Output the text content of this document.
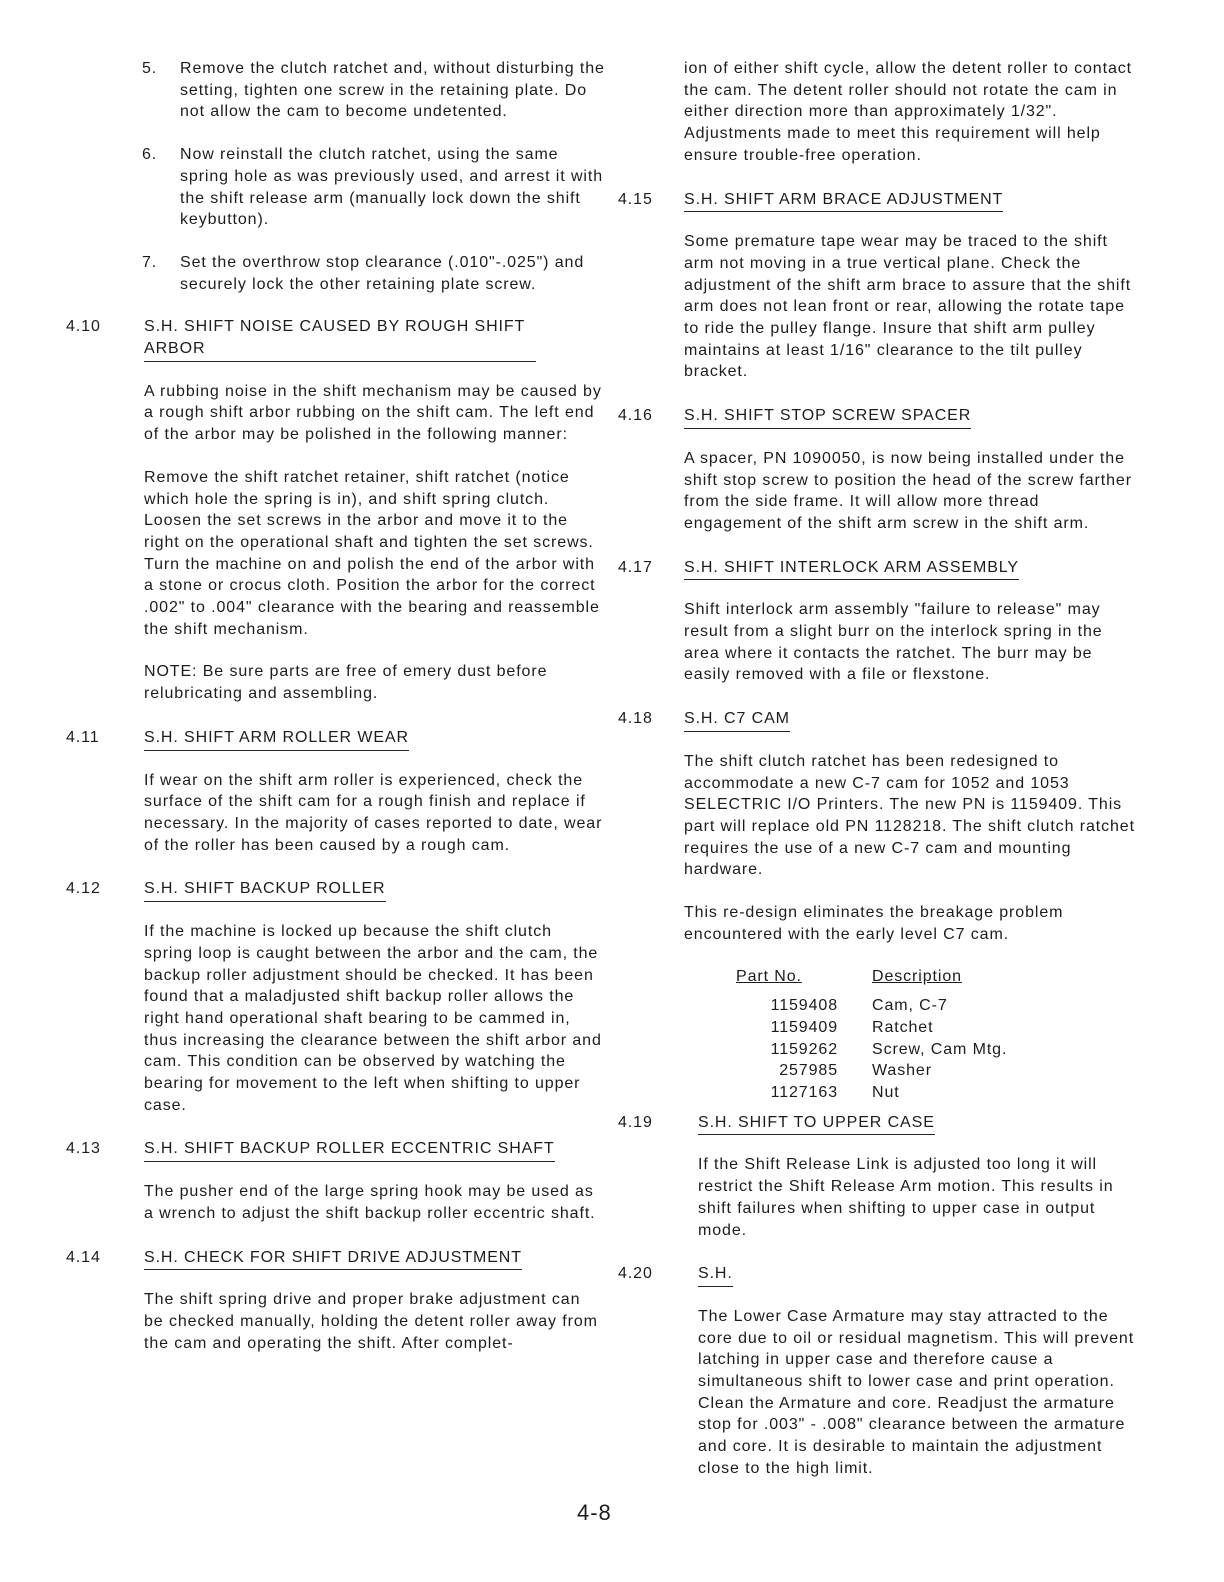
5. Remove the clutch ratchet and, without disturbing the setting, tighten one screw in the retaining plate. Do not allow the cam to become undetented.

6. Now reinstall the clutch ratchet, using the same spring hole as was previously used, and arrest it with the shift release arm (manually lock down the shift keybutton).

7. Set the overthrow stop clearance (.010"-.025") and securely lock the other retaining plate screw.

4.10	S.H. SHIFT NOISE CAUSED BY ROUGH SHIFT ARBOR

A rubbing noise in the shift mechanism may be caused by a rough shift arbor rubbing on the shift cam. The left end of the arbor may be polished in the following manner:

Remove the shift ratchet retainer, shift ratchet (notice which hole the spring is in), and shift spring clutch. Loosen the set screws in the arbor and move it to the right on the operational shaft and tighten the set screws. Turn the machine on and polish the end of the arbor with a stone or crocus cloth. Position the arbor for the correct .002" to .004" clearance with the bearing and reassemble the shift mechanism.

NOTE: Be sure parts are free of emery dust before relubricating and assembling.

4.11	S.H. SHIFT ARM ROLLER WEAR

If wear on the shift arm roller is experienced, check the surface of the shift cam for a rough finish and replace if necessary. In the majority of cases reported to date, wear of the roller has been caused by a rough cam.

4.12	S.H. SHIFT BACKUP ROLLER

If the machine is locked up because the shift clutch spring loop is caught between the arbor and the cam, the backup roller adjustment should be checked. It has been found that a maladjusted shift backup roller allows the right hand operational shaft bearing to be cammed in, thus increasing the clearance between the shift arbor and cam. This condition can be observed by watching the bearing for movement to the left when shifting to upper case.

4.13	S.H. SHIFT BACKUP ROLLER ECCENTRIC SHAFT

The pusher end of the large spring hook may be used as a wrench to adjust the shift backup roller eccentric shaft.

4.14	S.H. CHECK FOR SHIFT DRIVE ADJUSTMENT

The shift spring drive and proper brake adjustment can be checked manually, holding the detent roller away from the cam and operating the shift. After complet-

ion of either shift cycle, allow the detent roller to contact the cam. The detent roller should not rotate the cam in either direction more than approximately 1/32". Adjustments made to meet this requirement will help ensure trouble-free operation.

4.15 S.H. SHIFT ARM BRACE ADJUSTMENT

Some premature tape wear may be traced to the shift arm not moving in a true vertical plane. Check the adjustment of the shift arm brace to assure that the shift arm does not lean front or rear, allowing the rotate tape to ride the pulley flange. Insure that shift arm pulley maintains at least 1/16" clearance to the tilt pulley bracket.

4.16 S.H. SHIFT STOP SCREW SPACER

A spacer, PN 1090050, is now being installed under the shift stop screw to position the head of the screw farther from the side frame. It will allow more thread engagement of the shift arm screw in the shift arm.

4.17 S.H. SHIFT INTERLOCK ARM ASSEMBLY

Shift interlock arm assembly "failure to release" may result from a slight burr on the interlock spring in the area where it contacts the ratchet. The burr may be easily removed with a file or flexstone.

4.18 S.H. C7 CAM

The shift clutch ratchet has been redesigned to accommodate a new C-7 cam for 1052 and 1053 SELECTRIC I/O Printers. The new PN is 1159409. This part will replace old PN 1128218. The shift clutch ratchet requires the use of a new C-7 cam and mounting hardware.

This re-design eliminates the breakage problem encountered with the early level C7 cam.

Part No.	Description
1159408	Cam, C-7
1159409	Ratchet
1159262	Screw, Cam Mtg.
257985	Washer
1127163	Nut
4.19	S.H. SHIFT TO UPPER CASE

If the Shift Release Link is adjusted too long it will restrict the Shift Release Arm motion. This results in shift failures when shifting to upper case in output mode.

4.20	S.H.

The Lower Case Armature may stay attracted to the core due to oil or residual magnetism. This will prevent latching in upper case and therefore cause a simultaneous shift to lower case and print operation. Clean the Armature and core. Readjust the armature stop for .003" - .008" clearance between the armature and core. It is desirable to maintain the adjustment close to the high limit.

4-8
